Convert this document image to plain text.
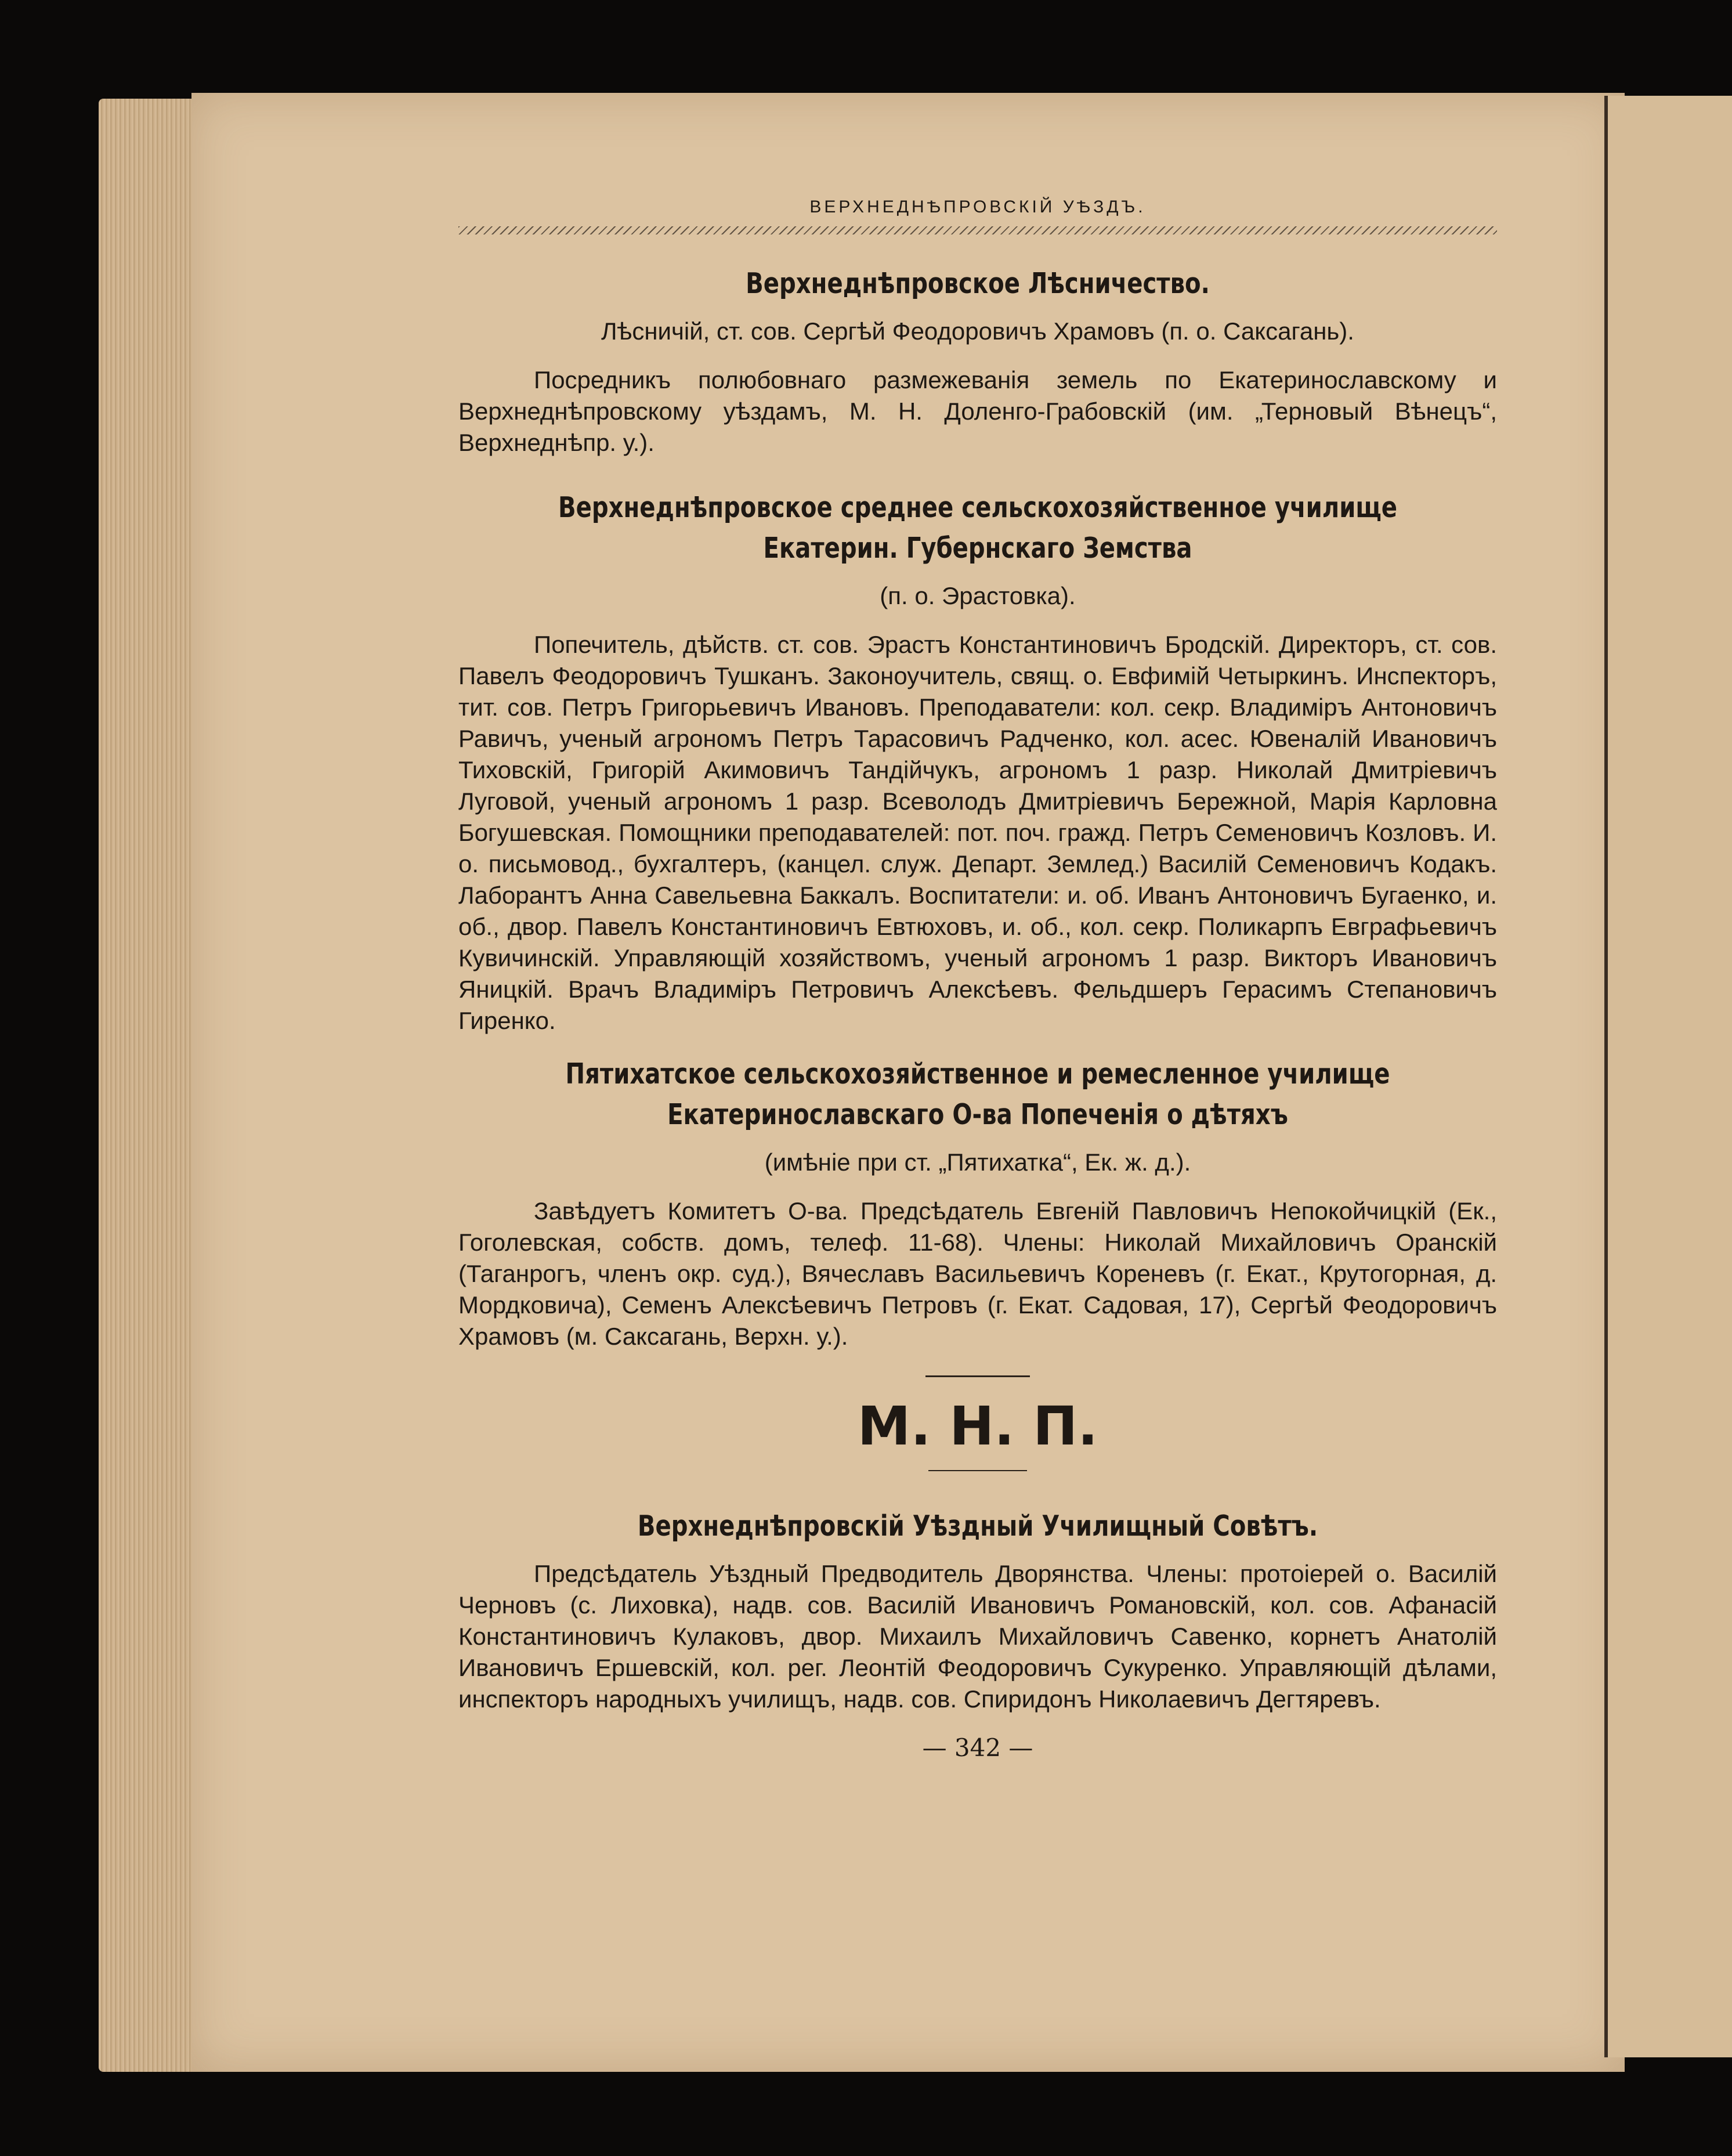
ВЕРХНЕДНѢПРОВСКІЙ УѢЗДЪ.
Верхнеднѣпровское Лѣсничество.

Лѣсничій, ст. сов. Сергѣй Феодоровичъ Храмовъ (п. о. Саксагань).

Посредникъ полюбовнаго размежеванія земель по Екатеринославскому и Верхнеднѣпровскому уѣздамъ, М. Н. Доленго-Грабовскій (им. „Терновый Вѣнецъ“, Верхнеднѣпр. у.).

Верхнеднѣпровское среднее сельскохозяйственное училище Екатерин. Губернскаго Земства
(п. о. Эрастовка).

Попечитель, дѣйств. ст. сов. Эрастъ Константиновичъ Бродскій. Директоръ, ст. сов. Павелъ Феодоровичъ Тушканъ. Законоучитель, свящ. о. Евфимій Четыркинъ. Инспекторъ, тит. сов. Петръ Григорьевичъ Ивановъ. Преподаватели: кол. секр. Владиміръ Антоновичъ Равичъ, ученый агрономъ Петръ Тарасовичъ Радченко, кол. асес. Ювеналій Ивановичъ Тиховскій, Григорій Акимовичъ Тандійчукъ, агрономъ 1 разр. Николай Дмитріевичъ Луговой, ученый агрономъ 1 разр. Всеволодъ Дмитріевичъ Бережной, Марія Карловна Богушевская. Помощники преподавателей: пот. поч. гражд. Петръ Семеновичъ Козловъ. И. о. письмовод., бухгалтеръ, (канцел. служ. Департ. Землед.) Василій Семеновичъ Кодакъ. Лаборантъ Анна Савельевна Баккалъ. Воспитатели: и. об. Иванъ Антоновичъ Бугаенко, и. об., двор. Павелъ Константиновичъ Евтюховъ, и. об., кол. секр. Поликарпъ Евграфьевичъ Кувичинскій. Управляющій хозяйствомъ, ученый агрономъ 1 разр. Викторъ Ивановичъ Яницкій. Врачъ Владиміръ Петровичъ Алексѣевъ. Фельдшеръ Герасимъ Степановичъ Гиренко.

Пятихатское сельскохозяйственное и ремесленное училище Екатеринославскаго О-ва Попеченія о дѣтяхъ
(имѣніе при ст. „Пятихатка“, Ек. ж. д.).

Завѣдуетъ Комитетъ О-ва. Предсѣдатель Евгеній Павловичъ Непокойчицкій (Ек., Гоголевская, собств. домъ, телеф. 11-68). Члены: Николай Михайловичъ Оранскій (Таганрогъ, членъ окр. суд.), Вячеславъ Васильевичъ Кореневъ (г. Екат., Крутогорная, д. Мордковича), Семенъ Алексѣевичъ Петровъ (г. Екат. Садовая, 17), Сергѣй Феодоровичъ Храмовъ (м. Саксагань, Верхн. у.).

М. Н. П.
Верхнеднѣпровскій Уѣздный Училищный Совѣтъ.

Предсѣдатель Уѣздный Предводитель Дворянства. Члены: протоіерей о. Василій Черновъ (с. Лиховка), надв. сов. Василій Ивановичъ Романовскій, кол. сов. Афанасій Константиновичъ Кулаковъ, двор. Михаилъ Михайловичъ Савенко, корнетъ Анатолій Ивановичъ Ершевскій, кол. рег. Леонтій Феодоровичъ Сукуренко. Управляющій дѣлами, инспекторъ народныхъ училищъ, надв. сов. Спиридонъ Николаевичъ Дегтяревъ.

— 342 —
